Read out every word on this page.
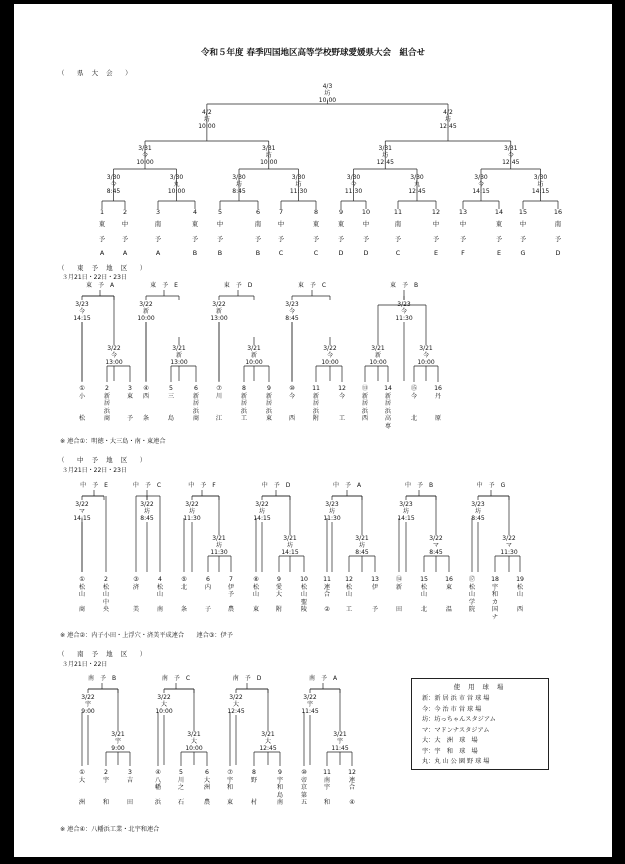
令和５年度 春季四国地区高等学校野球愛媛県大会　組合せ
（　県 大 会　）
（　東 予 地 区　）
３月21日・22日・23日
（　中 予 地 区　）
３月21日・22日・23日
（　南 予 地 区　）
３月21日・22日
※ 連合①：明徳・大三島・南・東連合
※ 連合②：内子小田・上浮穴・済美平成連合　　連合③：伊予
※ 連合④：八幡浜工業・北宇和連合
4/3
坊
10:00
4/2
坊
10:00
4/2
坊
12:45
3/31
今
10:00
3/31
坊
10:00
3/31
坊
12:45
3/31
今
12:45
3/30
今
8:45
3/30
丸
10:00
3/30
坊
8:45
3/30
坊
11:30
3/30
今
11:30
3/30
丸
12:45
3/30
今
14:15
3/30
坊
14:15
1
東
予
A
2
中
予
A
3
南
予
A
4
東
予
B
5
中
予
B
6
南
予
B
7
中
予
C
8
東
予
C
9
東
予
D
10
中
予
D
11
南
予
C
12
中
予
E
13
中
予
F
14
東
予
E
15
中
予
G
16
南
予
D
東　予　A
3/23
今
14:15
3/22
今
13:00
①
小

松
2
新
居
浜
商
3
東

予
東　予　E
3/22
新
10:00
3/21
新
13:00
④
西

条
5
三

島
6
新
居
浜
商
東　予　D
3/22
新
13:00
3/21
新
10:00
⑦
川

江
8
新
居
浜
工
9
新
居
浜
東
東　予　C
3/23
今
8:45
3/22
今
10:00
⑩
今

西
11
新
居
浜
附
12
今

工
東　予　B
3/23
今
11:30
3/21
新
10:00
3/21
今
10:00
⑬
新
居
浜
西
14
新
居
浜
高専
⑮
今

北
16
丹

原
中　予　E
3/22
マ
14:15
①
松
山

商
2
松
山
中
央
中　予　C
3/22
坊
8:45
③
済

美
4
松
山

南
中　予　F
3/22
坊
11:30
3/21
坊
11:30
⑤
北

条
6
内

子
7
伊
予

農
中　予　D
3/22
坊
14:15
3/21
坊
14:15
⑧
松
山

東
9
愛
大

附
10
松
山
聖
陵
中　予　A
3/23
坊
11:30
3/21
坊
8:45
11
連
合

②
12
松
山

工
13
伊

予
中　予　B
3/23
坊
14:15
3/22
マ
8:45
⑭
新

田
15
松
山

北
16
東

温
中　予　G
3/23
坊
8:45
3/22
マ
11:30
⑰
松
山
学
院
18
宇
和
カ
国ナ
19
松
山

西
南　予　B
3/22
宇
9:00
3/21
宇
9:00
①
大

洲
2
宇

和
3
吉

田
南　予　C
3/22
大
10:00
3/21
大
10:00
④
八
幡

浜
5
川
之

石
6
大
洲

農
南　予　D
3/22
大
12:45
3/21
大
12:45
⑦
宇
和

東
8
野

村
9
宇
和
島
南
南　予　A
3/22
宇
11:45
3/21
宇
11:45
⑩
帝
京
第
五
11
南
宇

和
12
連
合

④
使 用 球 場
新：新 居 浜 市 営 球 場
今：今 治 市 営 球 場
坊：坊っちゃんスタジアム
マ：マドンナスタジアム
大：大　洲　球　場
宇：宇　和　球　場
丸：丸 山 公 園 野 球 場
